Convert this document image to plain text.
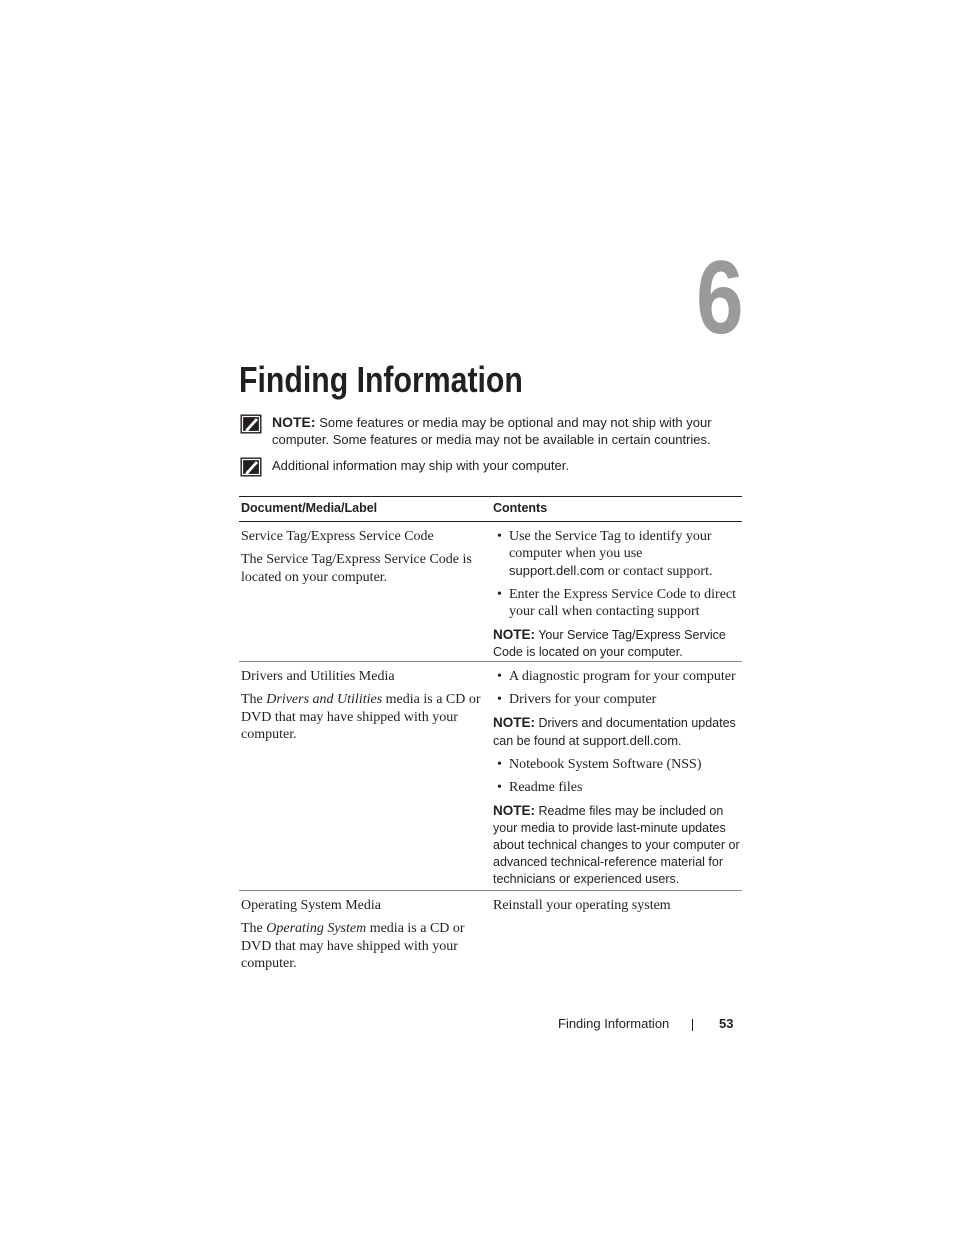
6
Finding Information
NOTE: Some features or media may be optional and may not ship with your computer. Some features or media may not be available in certain countries.
Additional information may ship with your computer.
Document/Media/Label	Contents
Service Tag/Express Service Code
The Service Tag/Express Service Code is located on your computer.
• Use the Service Tag to identify your computer when you use support.dell.com or contact support.
• Enter the Express Service Code to direct your call when contacting support
NOTE: Your Service Tag/Express Service Code is located on your computer.
Drivers and Utilities Media
The Drivers and Utilities media is a CD or DVD that may have shipped with your computer.
• A diagnostic program for your computer
• Drivers for your computer
NOTE: Drivers and documentation updates can be found at support.dell.com.
• Notebook System Software (NSS)
• Readme files
NOTE: Readme files may be included on your media to provide last-minute updates about technical changes to your computer or advanced technical-reference material for technicians or experienced users.
Operating System Media
The Operating System media is a CD or DVD that may have shipped with your computer.
Reinstall your operating system
Finding Information	53
